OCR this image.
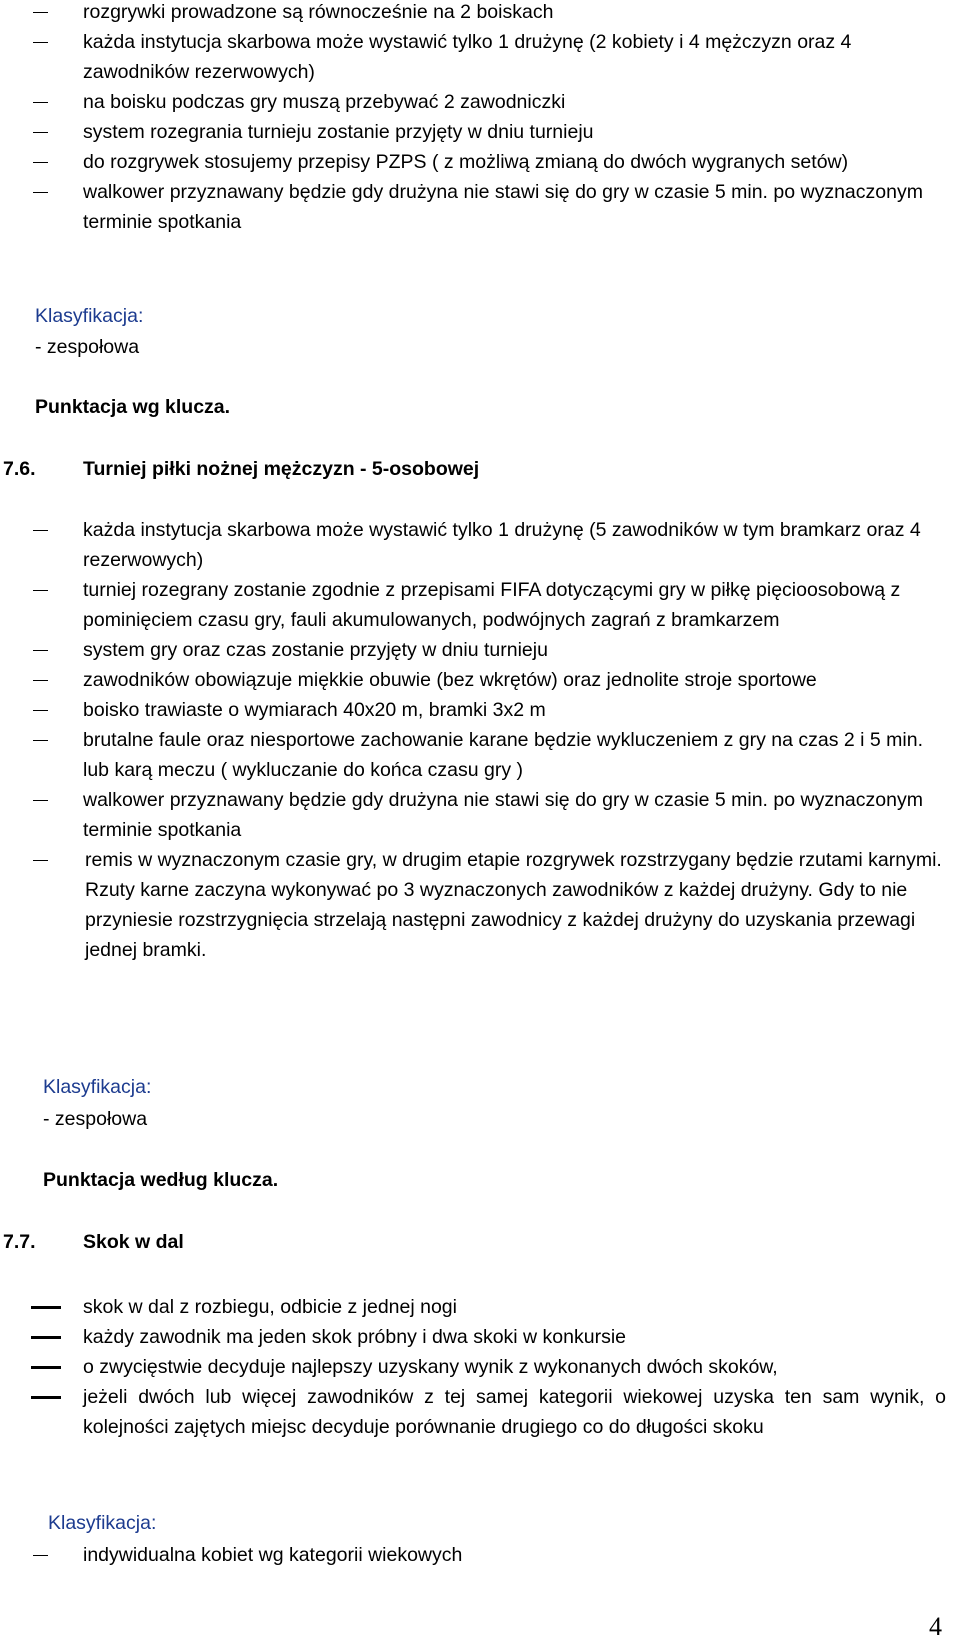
rozgrywki prowadzone są równocześnie na 2 boiskach
każda instytucja skarbowa może wystawić tylko 1 drużynę (2 kobiety i 4 mężczyzn oraz 4 zawodników rezerwowych)
na boisku podczas gry muszą przebywać 2 zawodniczki
system rozegrania turnieju zostanie przyjęty w dniu turnieju
do rozgrywek stosujemy przepisy PZPS ( z możliwą zmianą do dwóch wygranych setów)
walkower przyznawany będzie gdy drużyna nie stawi się do gry w czasie 5 min. po wyznaczonym terminie spotkania
Klasyfikacja:
- zespołowa
Punktacja wg klucza.
7.6. Turniej piłki nożnej mężczyzn - 5-osobowej
każda instytucja skarbowa może wystawić tylko 1 drużynę (5 zawodników w tym bramkarz oraz 4 rezerwowych)
turniej rozegrany zostanie zgodnie z przepisami FIFA dotyczącymi gry w piłkę pięcioosobową z pominięciem czasu gry, fauli akumulowanych, podwójnych zagrań z bramkarzem
system gry oraz czas zostanie przyjęty w dniu turnieju
zawodników obowiązuje miękkie obuwie (bez wkrętów) oraz jednolite stroje sportowe
boisko trawiaste o wymiarach 40x20 m, bramki 3x2 m
brutalne faule oraz niesportowe zachowanie karane będzie wykluczeniem z gry na czas 2 i 5 min. lub karą meczu ( wykluczanie do końca czasu gry )
walkower przyznawany będzie gdy drużyna nie stawi się do gry w czasie 5 min. po wyznaczonym terminie spotkania
remis w wyznaczonym czasie gry, w drugim etapie rozgrywek rozstrzygany będzie rzutami karnymi. Rzuty karne zaczyna wykonywać po 3 wyznaczonych zawodników z każdej drużyny. Gdy to nie przyniesie rozstrzygnięcia strzelają następni zawodnicy z każdej drużyny do uzyskania przewagi jednej bramki.
Klasyfikacja:
- zespołowa
Punktacja według klucza.
7.7. Skok w dal
skok w dal z rozbiegu, odbicie z jednej nogi
każdy zawodnik ma jeden skok próbny i dwa skoki w konkursie
o zwycięstwie decyduje najlepszy uzyskany wynik z wykonanych dwóch skoków,
jeżeli dwóch lub więcej zawodników z tej samej kategorii wiekowej uzyska ten sam wynik, o kolejności zajętych miejsc decyduje porównanie drugiego co do długości skoku
Klasyfikacja:
indywidualna kobiet wg kategorii wiekowych
4
